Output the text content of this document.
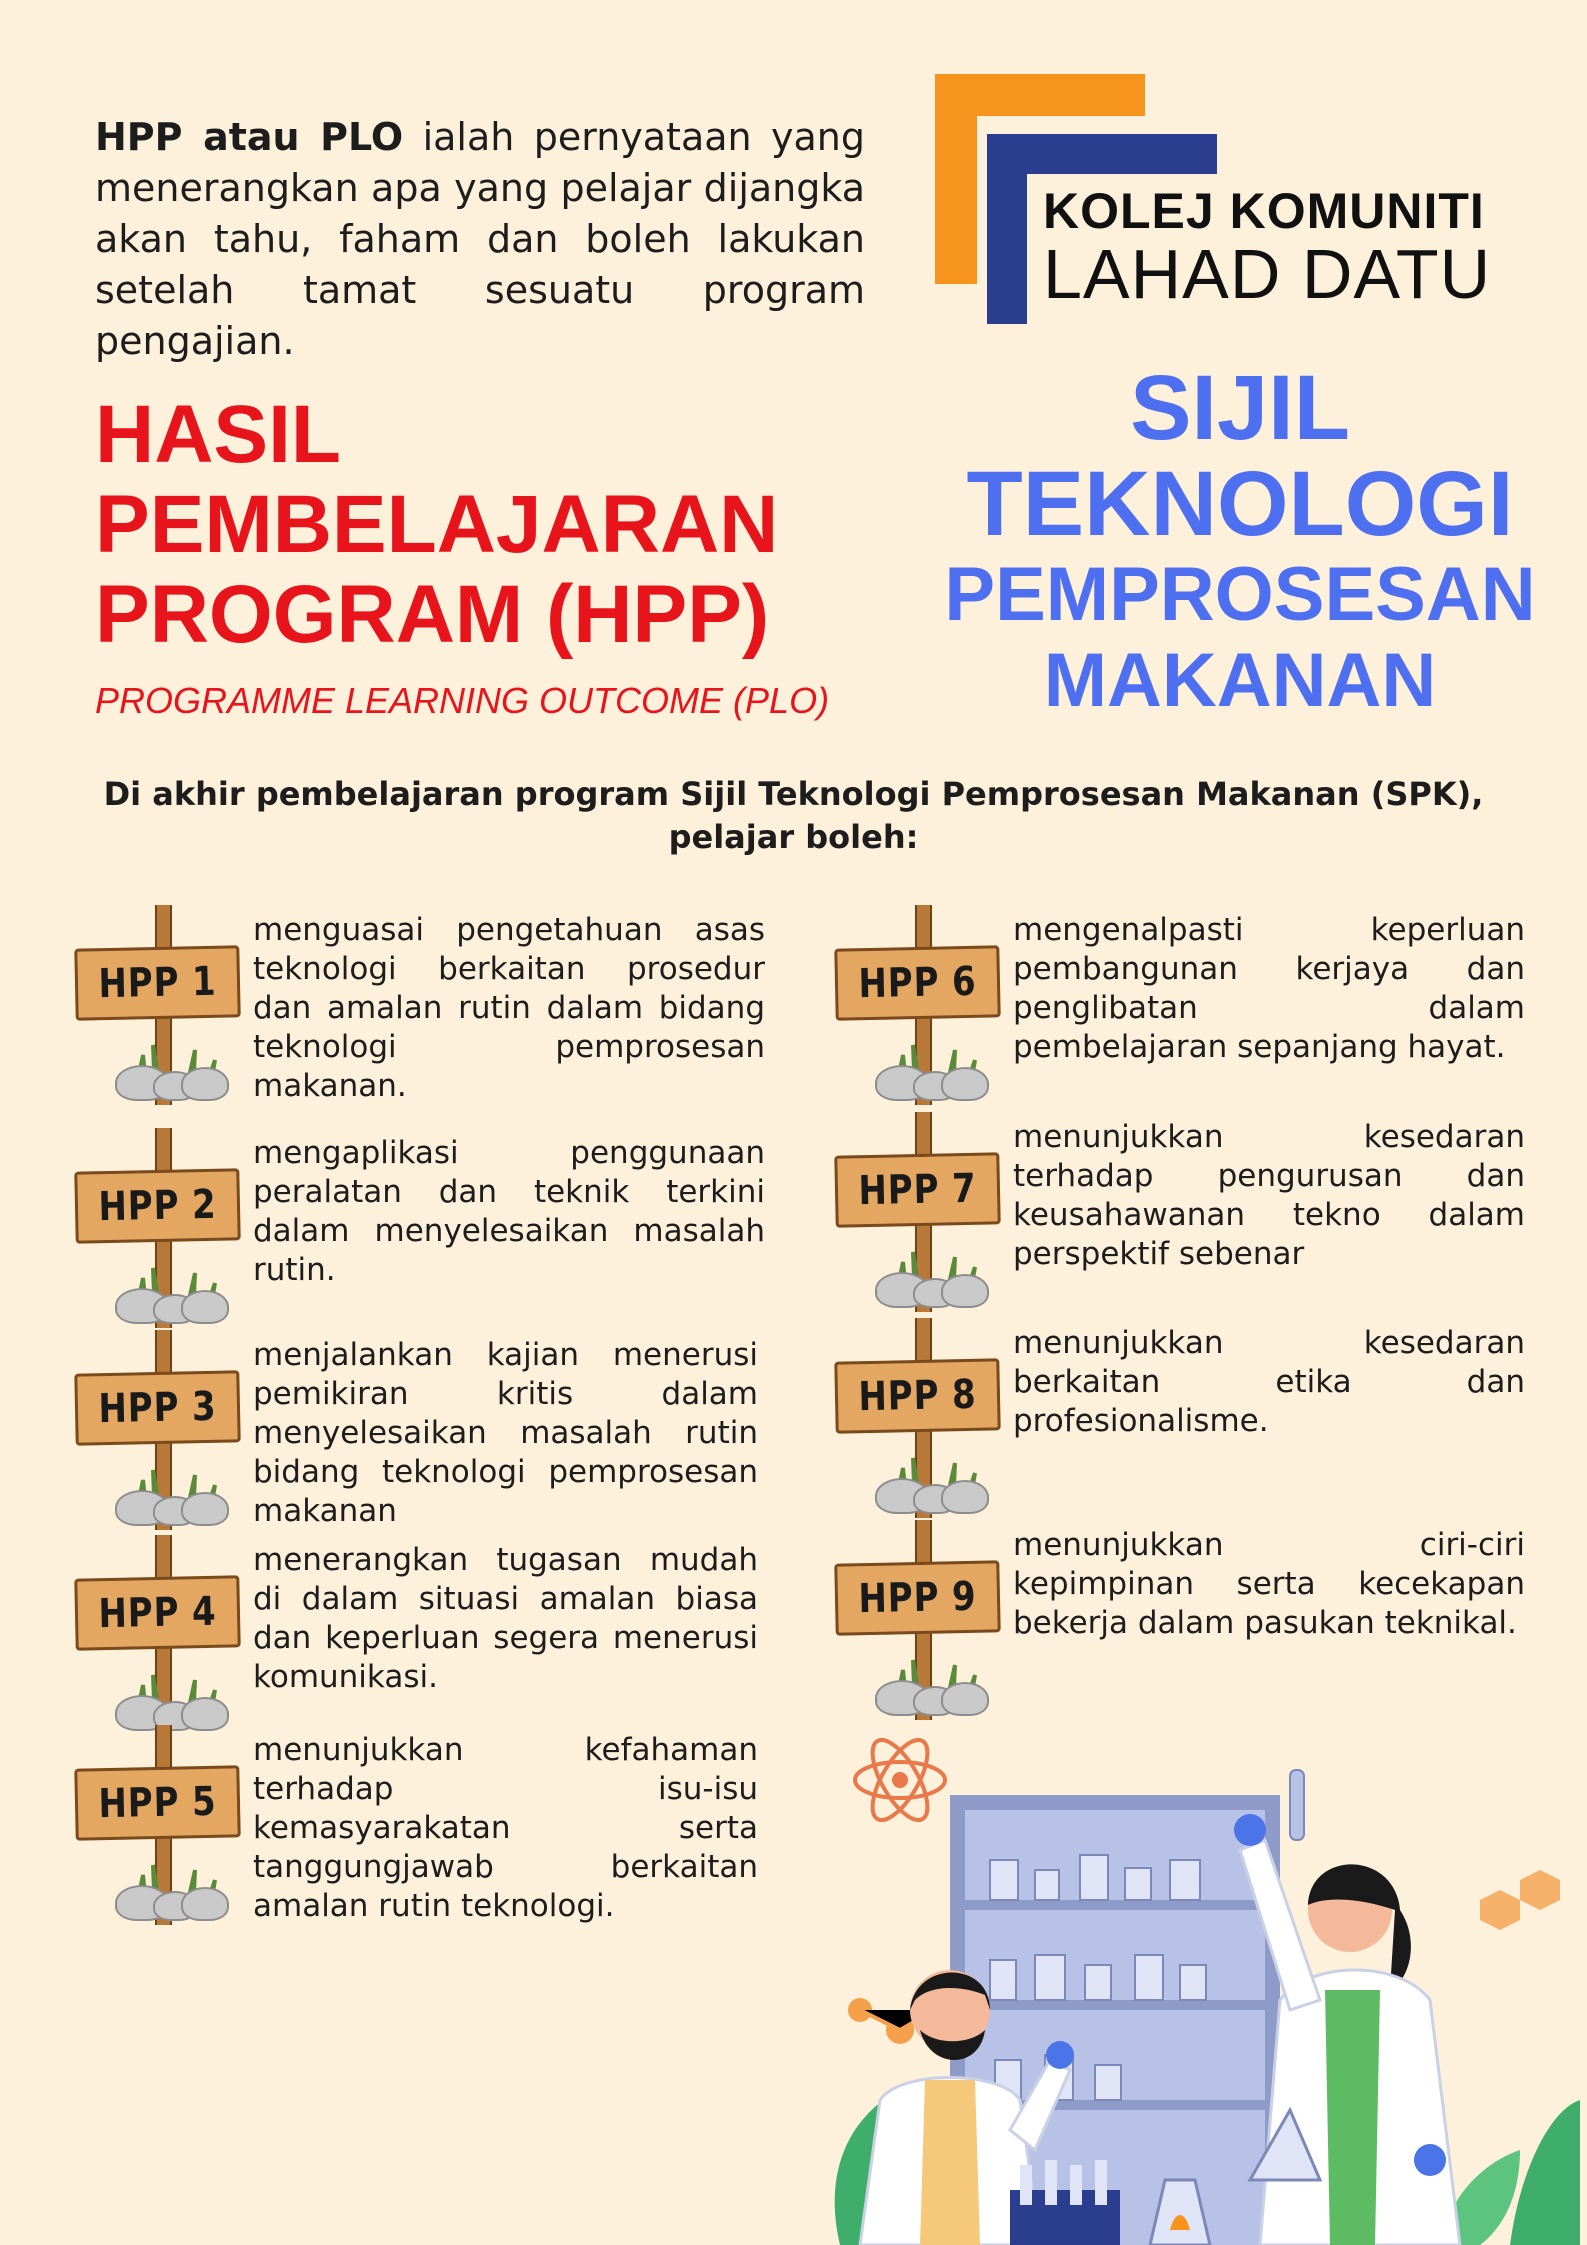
HPP atau PLO ialah pernyataan yang menerangkan apa yang pelajar dijangka akan tahu, faham dan boleh lakukan setelah tamat sesuatu program pengajian.
KOLEJ KOMUNITI
LAHAD DATU
HASIL
PEMBELAJARAN
PROGRAM (HPP)
PROGRAMME LEARNING OUTCOME (PLO)
SIJIL
TEKNOLOGI
PEMPROSESAN
MAKANAN
Di akhir pembelajaran program Sijil Teknologi Pemprosesan Makanan (SPK),
pelajar boleh:
HPP 1
menguasai pengetahuan asas teknologi berkaitan prosedur dan amalan rutin dalam bidang teknologi pemprosesan makanan.
HPP 2
mengaplikasi penggunaan peralatan dan teknik terkini dalam menyelesaikan masalah rutin.
HPP 3
menjalankan kajian menerusi pemikiran kritis dalam menyelesaikan masalah rutin bidang teknologi pemprosesan makanan
HPP 4
menerangkan tugasan mudah di dalam situasi amalan biasa dan keperluan segera menerusi komunikasi.
HPP 5
menunjukkan kefahaman terhadap isu-isu kemasyarakatan serta tanggungjawab berkaitan amalan rutin teknologi.
HPP 6
mengenalpasti keperluan pembangunan kerjaya dan penglibatan dalam pembelajaran sepanjang hayat.
HPP 7
menunjukkan kesedaran terhadap pengurusan dan keusahawanan tekno dalam perspektif sebenar
HPP 8
menunjukkan kesedaran berkaitan etika dan profesionalisme.
HPP 9
menunjukkan ciri-ciri kepimpinan serta kecekapan bekerja dalam pasukan teknikal.
